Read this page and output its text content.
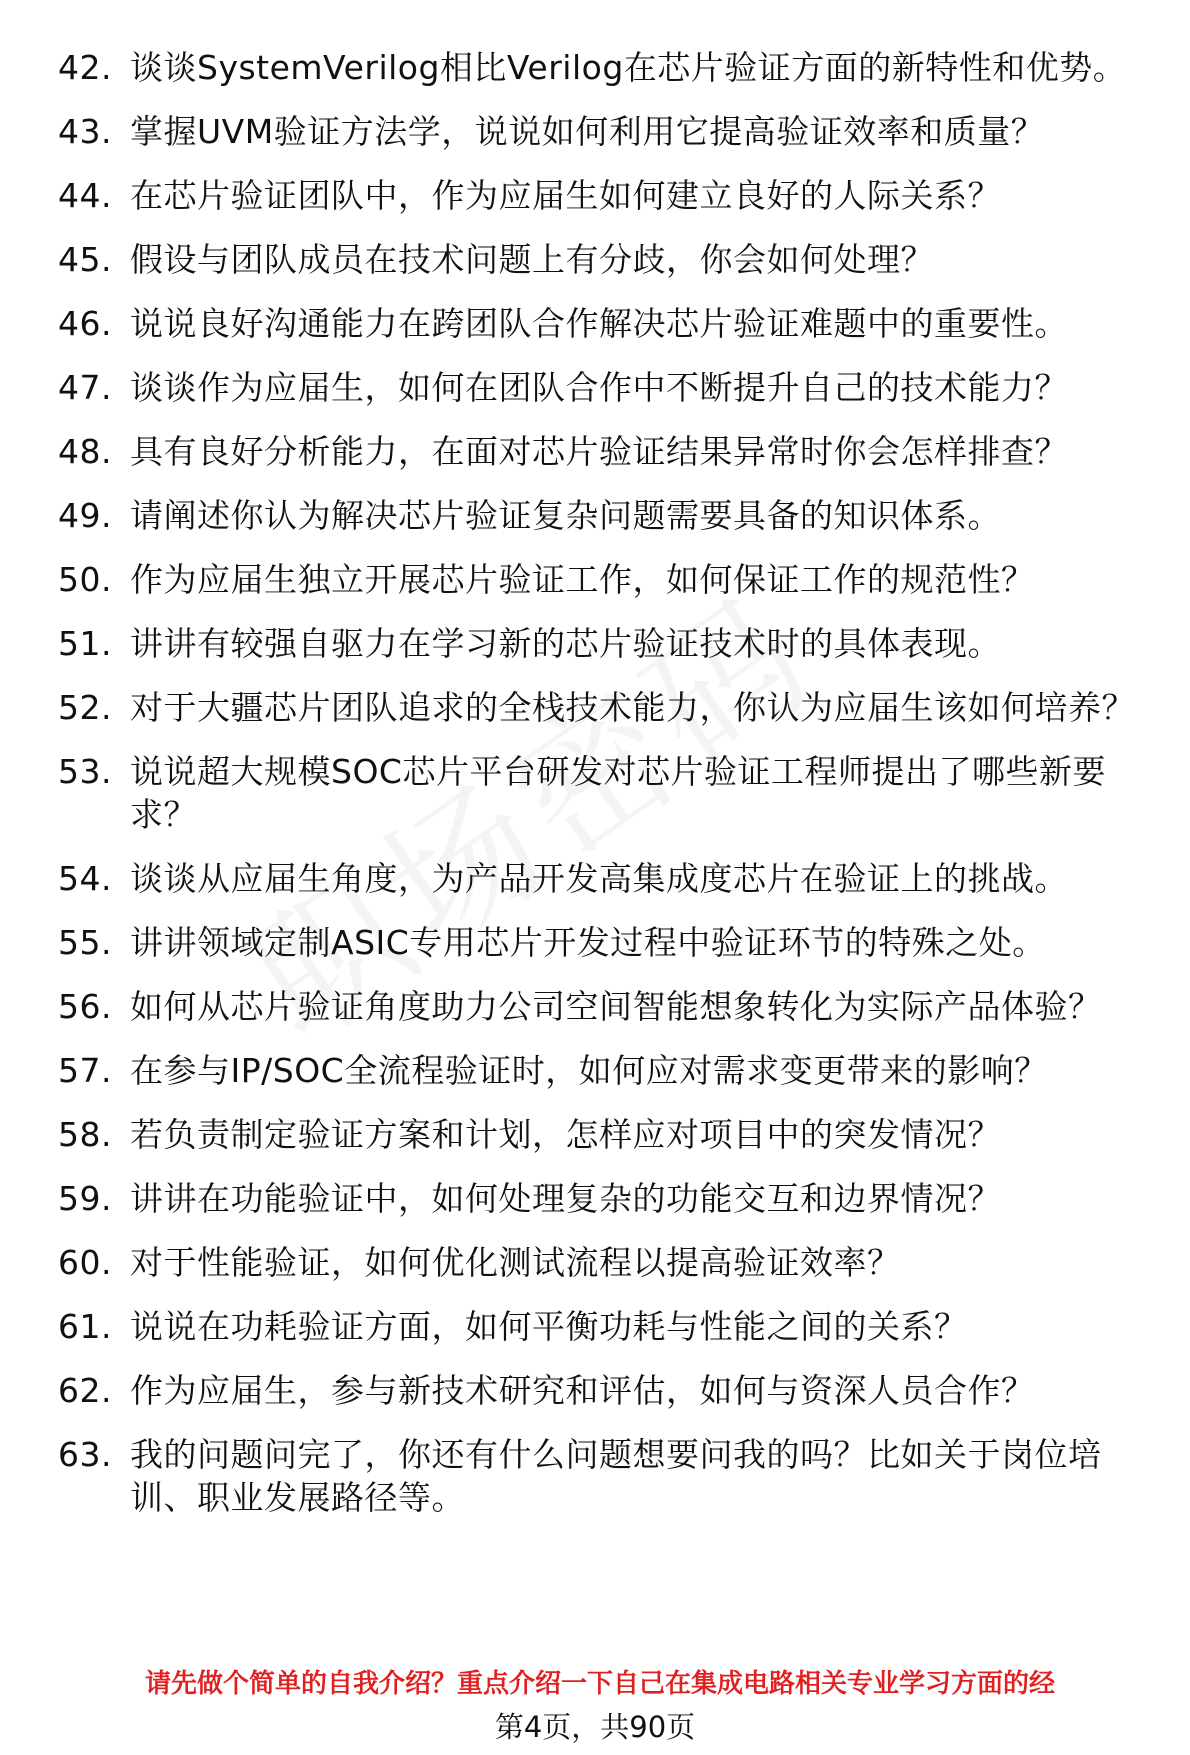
42. 谈谈SystemVerilog相比Verilog在芯片验证方面的新特性和优势。
43. 掌握UVM验证方法学，说说如何利用它提高验证效率和质量？
44. 在芯片验证团队中，作为应届生如何建立良好的人际关系？
45. 假设与团队成员在技术问题上有分歧，你会如何处理？
46. 说说良好沟通能力在跨团队合作解决芯片验证难题中的重要性。
47. 谈谈作为应届生，如何在团队合作中不断提升自己的技术能力？
48. 具有良好分析能力，在面对芯片验证结果异常时你会怎样排查？
49. 请阐述你认为解决芯片验证复杂问题需要具备的知识体系。
50. 作为应届生独立开展芯片验证工作，如何保证工作的规范性？
51. 讲讲有较强自驱力在学习新的芯片验证技术时的具体表现。
52. 对于大疆芯片团队追求的全栈技术能力，你认为应届生该如何培养？
53. 说说超大规模SOC芯片平台研发对芯片验证工程师提出了哪些新要求？
54. 谈谈从应届生角度，为产品开发高集成度芯片在验证上的挑战。
55. 讲讲领域定制ASIC专用芯片开发过程中验证环节的特殊之处。
56. 如何从芯片验证角度助力公司空间智能想象转化为实际产品体验？
57. 在参与IP/SOC全流程验证时，如何应对需求变更带来的影响？
58. 若负责制定验证方案和计划，怎样应对项目中的突发情况？
59. 讲讲在功能验证中，如何处理复杂的功能交互和边界情况？
60. 对于性能验证，如何优化测试流程以提高验证效率？
61. 说说在功耗验证方面，如何平衡功耗与性能之间的关系？
62. 作为应届生，参与新技术研究和评估，如何与资深人员合作？
63. 我的问题问完了，你还有什么问题想要问我的吗？比如关于岗位培训、职业发展路径等。
请先做个简单的自我介绍？重点介绍一下自己在集成电路相关专业学习方面的经
第4页，共90页
